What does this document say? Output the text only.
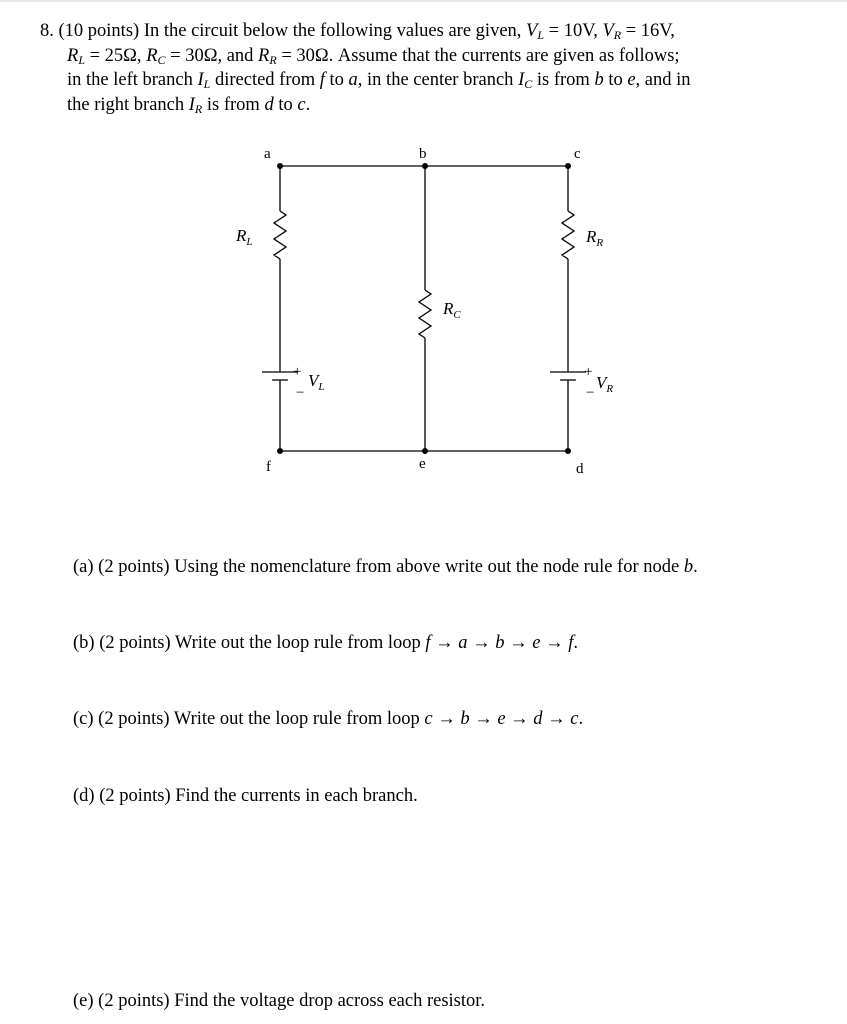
8. (10 points) In the circuit below the following values are given, $V_L = 10V$, $V_R = 16V$,
$R_L = 25\Omega$, $R_C = 30\Omega$, and $R_R = 30\Omega$. Assume that the currents are given as follows;
in the left branch $I_L$ directed from f to a, in the center branch $I_C$ is from b to e, and in
the right branch $I_R$ is from d to c.
a	b	c
f	e	d
$R_L$
$R_C$
$R_R$
$V_L$	$V_R$
+
−
+
−
(a) (2 points) Using the nomenclature from above write out the node rule for node b.
(b) (2 points) Write out the loop rule from loop f → a → b → e → f.
(c) (2 points) Write out the loop rule from loop c → b → e → d → c.
(d) (2 points) Find the currents in each branch.
(e) (2 points) Find the voltage drop across each resistor.
